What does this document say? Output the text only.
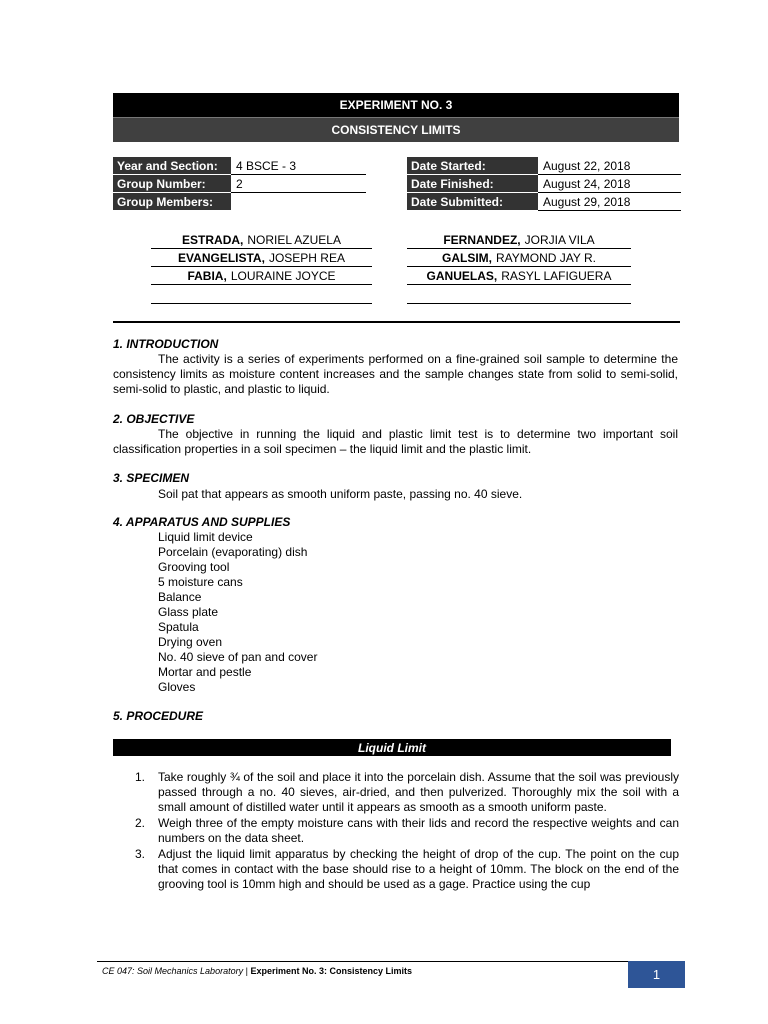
EXPERIMENT NO. 3
CONSISTENCY LIMITS
Year and Section:	4 BSCE - 3
Group Number:	2
Group Members:
Date Started:	August 22, 2018
Date Finished:	August 24, 2018
Date Submitted:	August 29, 2018
ESTRADA, NORIEL AZUELA
EVANGELISTA, JOSEPH REA
FABIA, LOURAINE JOYCE
FERNANDEZ, JORJIA VILA
GALSIM, RAYMOND JAY R.
GANUELAS, RASYL LAFIGUERA
1. INTRODUCTION
The activity is a series of experiments performed on a fine-grained soil sample to determine the consistency limits as moisture content increases and the sample changes state from solid to semi-solid, semi-solid to plastic, and plastic to liquid.
2. OBJECTIVE
The objective in running the liquid and plastic limit test is to determine two important soil classification properties in a soil specimen – the liquid limit and the plastic limit.
3. SPECIMEN
Soil pat that appears as smooth uniform paste, passing no. 40 sieve.
4. APPARATUS AND SUPPLIES
Liquid limit device
Porcelain (evaporating) dish
Grooving tool
5 moisture cans
Balance
Glass plate
Spatula
Drying oven
No. 40 sieve of pan and cover
Mortar and pestle
Gloves
5. PROCEDURE
Liquid Limit
1.	Take roughly ¾ of the soil and place it into the porcelain dish. Assume that the soil was previously passed through a no. 40 sieves, air-dried, and then pulverized. Thoroughly mix the soil with a small amount of distilled water until it appears as smooth as a smooth uniform paste.
2.	Weigh three of the empty moisture cans with their lids and record the respective weights and can numbers on the data sheet.
3.	Adjust the liquid limit apparatus by checking the height of drop of the cup. The point on the cup that comes in contact with the base should rise to a height of 10mm. The block on the end of the grooving tool is 10mm high and should be used as a gage. Practice using the cup
CE 047: Soil Mechanics Laboratory | Experiment No. 3: Consistency Limits	1
